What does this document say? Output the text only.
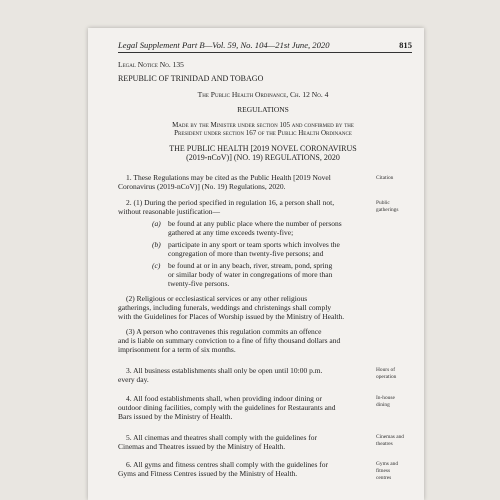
Legal Supplement Part B—Vol. 59, No. 104—21st June, 2020	815
Legal Notice No. 135
REPUBLIC OF TRINIDAD AND TOBAGO
The Public Health Ordinance, Ch. 12 No. 4
REGULATIONS
Made by the Minister under section 105 and confirmed by the
President under section 167 of the Public Health Ordinance
THE PUBLIC HEALTH [2019 NOVEL CORONAVIRUS
(2019-nCoV)] (NO. 19) REGULATIONS, 2020
1. These Regulations may be cited as the Public Health [2019 Novel
Coronavirus (2019-nCoV)] (No. 19) Regulations, 2020.
Citation
2. (1) During the period specified in regulation 16, a person shall not,
without reasonable justification—
Public
gatherings
(a) be found at any public place where the number of persons
gathered at any time exceeds twenty-five;
(b) participate in any sport or team sports which involves the
congregation of more than twenty-five persons; and
(c) be found at or in any beach, river, stream, pond, spring
or similar body of water in congregations of more than
twenty-five persons.
(2) Religious or ecclesiastical services or any other religious
gatherings, including funerals, weddings and christenings shall comply
with the Guidelines for Places of Worship issued by the Ministry of Health.
(3) A person who contravenes this regulation commits an offence
and is liable on summary conviction to a fine of fifty thousand dollars and
imprisonment for a term of six months.
3. All business establishments shall only be open until 10:00 p.m.
every day.
Hours of
operation
4. All food establishments shall, when providing indoor dining or
outdoor dining facilities, comply with the guidelines for Restaurants and
Bars issued by the Ministry of Health.
In-house
dining
5. All cinemas and theatres shall comply with the guidelines for
Cinemas and Theatres issued by the Ministry of Health.
Cinemas and
theatres
6. All gyms and fitness centres shall comply with the guidelines for
Gyms and Fitness Centres issued by the Ministry of Health.
Gyms and
fitness
centres
